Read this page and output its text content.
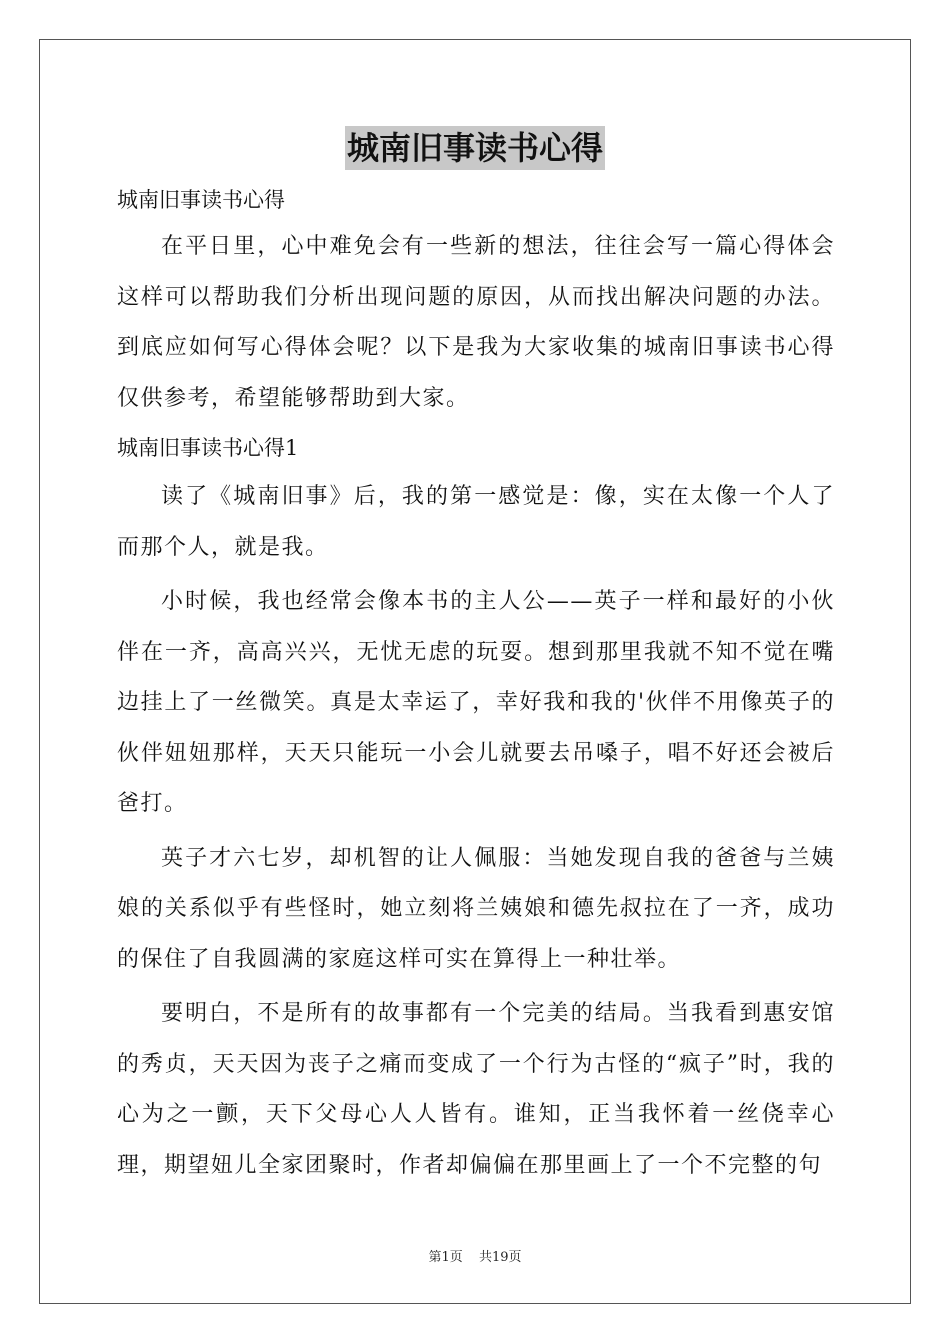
城南旧事读书心得

城南旧事读书心得

在平日里，心中难免会有一些新的想法，往往会写一篇心得体会这样可以帮助我们分析出现问题的原因，从而找出解决问题的办法。到底应如何写心得体会呢？以下是我为大家收集的城南旧事读书心得仅供参考，希望能够帮助到大家。

城南旧事读书心得1

读了《城南旧事》后，我的第一感觉是：像，实在太像一个人了而那个人，就是我。

小时候，我也经常会像本书的主人公——英子一样和最好的小伙伴在一齐，高高兴兴，无忧无虑的玩耍。想到那里我就不知不觉在嘴边挂上了一丝微笑。真是太幸运了，幸好我和我的'伙伴不用像英子的伙伴妞妞那样，天天只能玩一小会儿就要去吊嗓子，唱不好还会被后爸打。

英子才六七岁，却机智的让人佩服：当她发现自我的爸爸与兰姨娘的关系似乎有些怪时，她立刻将兰姨娘和德先叔拉在了一齐，成功的保住了自我圆满的家庭这样可实在算得上一种壮举。

要明白，不是所有的故事都有一个完美的结局。当我看到惠安馆的秀贞，天天因为丧子之痛而变成了一个行为古怪的“疯子”时，我的心为之一颤，天下父母心人人皆有。谁知，正当我怀着一丝侥幸心理，期望妞儿全家团聚时，作者却偏偏在那里画上了一个不完整的句

第1页 共19页
